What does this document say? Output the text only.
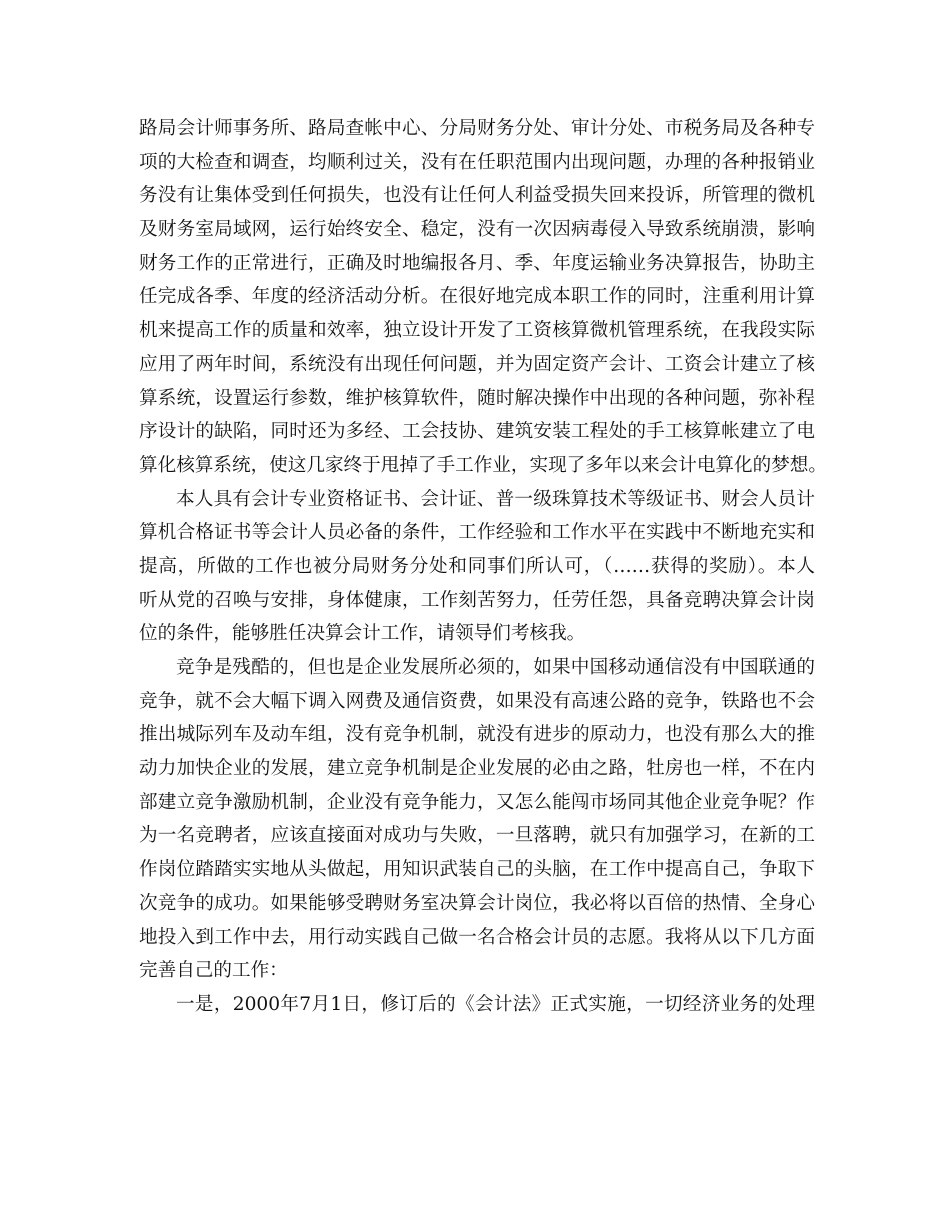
路局会计师事务所、路局查帐中心、分局财务分处、审计分处、市税务局及各种专
项的大检查和调查，均顺利过关，没有在任职范围内出现问题，办理的各种报销业
务没有让集体受到任何损失，也没有让任何人利益受损失回来投诉，所管理的微机
及财务室局域网，运行始终安全、稳定，没有一次因病毒侵入导致系统崩溃，影响
财务工作的正常进行，正确及时地编报各月、季、年度运输业务决算报告，协助主
任完成各季、年度的经济活动分析。在很好地完成本职工作的同时，注重利用计算
机来提高工作的质量和效率，独立设计开发了工资核算微机管理系统，在我段实际
应用了两年时间，系统没有出现任何问题，并为固定资产会计、工资会计建立了核
算系统，设置运行参数，维护核算软件，随时解决操作中出现的各种问题，弥补程
序设计的缺陷，同时还为多经、工会技协、建筑安装工程处的手工核算帐建立了电
算化核算系统，使这几家终于甩掉了手工作业，实现了多年以来会计电算化的梦想。
本人具有会计专业资格证书、会计证、普一级珠算技术等级证书、财会人员计
算机合格证书等会计人员必备的条件，工作经验和工作水平在实践中不断地充实和
提高，所做的工作也被分局财务分处和同事们所认可，（……获得的奖励）。本人
听从党的召唤与安排，身体健康，工作刻苦努力，任劳任怨，具备竞聘决算会计岗
位的条件，能够胜任决算会计工作，请领导们考核我。
竞争是残酷的，但也是企业发展所必须的，如果中国移动通信没有中国联通的
竞争，就不会大幅下调入网费及通信资费，如果没有高速公路的竞争，铁路也不会
推出城际列车及动车组，没有竞争机制，就没有进步的原动力，也没有那么大的推
动力加快企业的发展，建立竞争机制是企业发展的必由之路，牡房也一样，不在内
部建立竞争激励机制，企业没有竞争能力，又怎么能闯市场同其他企业竞争呢？作
为一名竞聘者，应该直接面对成功与失败，一旦落聘，就只有加强学习，在新的工
作岗位踏踏实实地从头做起，用知识武装自己的头脑，在工作中提高自己，争取下
次竞争的成功。如果能够受聘财务室决算会计岗位，我必将以百倍的热情、全身心
地投入到工作中去，用行动实践自己做一名合格会计员的志愿。我将从以下几方面
完善自己的工作：
一是，2000年7月1日，修订后的《会计法》正式实施，一切经济业务的处理
